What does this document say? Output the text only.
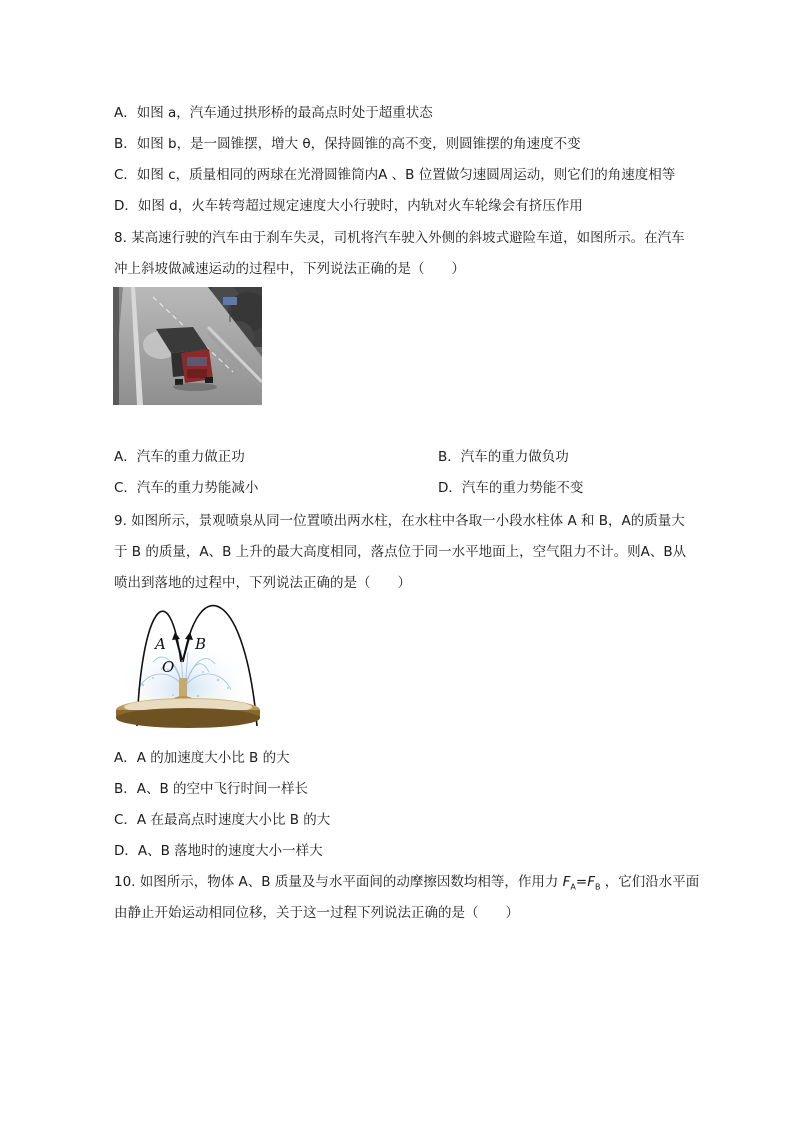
A．如图 a，汽车通过拱形桥的最高点时处于超重状态
B．如图 b，是一圆锥摆，增大 θ，保持圆锥的高不变，则圆锥摆的角速度不变
C．如图 c，质量相同的两球在光滑圆锥筒内A 、B 位置做匀速圆周运动，则它们的角速度相等
D．如图 d，火车转弯超过规定速度大小行驶时，内轨对火车轮缘会有挤压作用
8. 某高速行驶的汽车由于刹车失灵，司机将汽车驶入外侧的斜坡式避险车道，如图所示。在汽车
冲上斜坡做减速运动的过程中，下列说法正确的是（　　）
A．汽车的重力做正功	B．汽车的重力做负功
C．汽车的重力势能减小	D．汽车的重力势能不变
9. 如图所示，景观喷泉从同一位置喷出两水柱，在水柱中各取一小段水柱体 A 和 B，A的质量大
于 B 的质量，A、B 上升的最大高度相同，落点位于同一水平地面上，空气阻力不计。则A、B从
喷出到落地的过程中，下列说法正确的是（　　）
A B
O
A．A 的加速度大小比 B 的大
B．A、B 的空中飞行时间一样长
C．A 在最高点时速度大小比 B 的大
D．A、B 落地时的速度大小一样大
10. 如图所示，物体 A、B 质量及与水平面间的动摩擦因数均相等，作用力 $F_A=F_B$ ，它们沿水平面
由静止开始运动相同位移，关于这一过程下列说法正确的是（　　）
